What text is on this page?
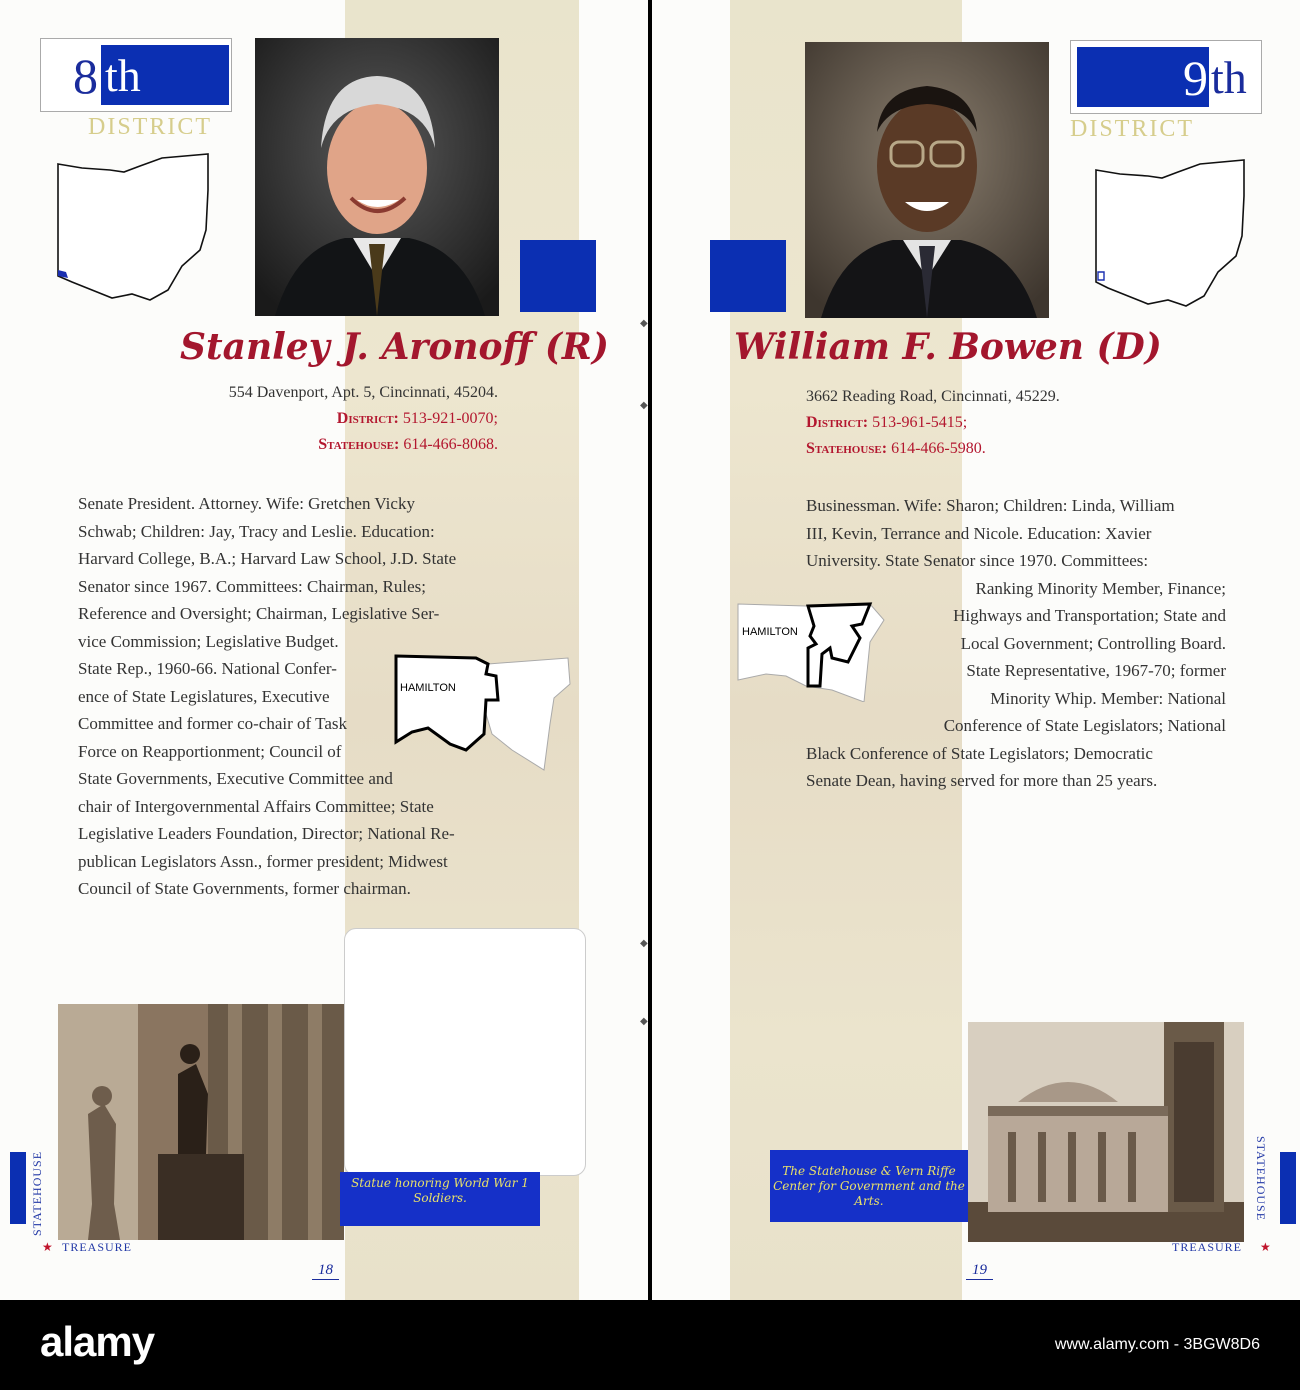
8 th
DISTRICT
Stanley J. Aronoff (R)
554 Davenport, Apt. 5, Cincinnati, 45204.
District: 513-921-0070;
Statehouse: 614-466-8068.
Senate President. Attorney. Wife: Gretchen Vicky
Schwab; Children: Jay, Tracy and Leslie. Education:
Harvard College, B.A.; Harvard Law School, J.D. State
Senator since 1967. Committees: Chairman, Rules;
Reference and Oversight; Chairman, Legislative Ser-
vice Commission; Legislative Budget.
State Rep., 1960-66. National Confer-
ence of State Legislatures, Executive
Committee and former co-chair of Task
Force on Reapportionment; Council of
State Governments, Executive Committee and
chair of Intergovernmental Affairs Committee; State
Legislative Leaders Foundation, Director; National Re-
publican Legislators Assn., former president; Midwest
Council of State Governments, former chairman.
HAMILTON
Statue honoring World War 1 Soldiers.
STATEHOUSE
★ TREASURE
18
◆
◆
◆
◆
9 th
DISTRICT
William F. Bowen (D)
3662 Reading Road, Cincinnati, 45229.
District: 513-961-5415;
Statehouse: 614-466-5980.
Businessman. Wife: Sharon; Children: Linda, William
III, Kevin, Terrance and Nicole. Education: Xavier
University. State Senator since 1970. Committees:
Ranking Minority Member, Finance;
Highways and Transportation; State and
Local Government; Controlling Board.
State Representative, 1967-70; former
Minority Whip. Member: National
Conference of State Legislators; National
Black Conference of State Legislators; Democratic
Senate Dean, having served for more than 25 years.
HAMILTON
The Statehouse & Vern Riffe Center for Government and the Arts.	STATEHOUSE
TREASURE ★
19
alamy	www.alamy.com - 3BGW8D6
